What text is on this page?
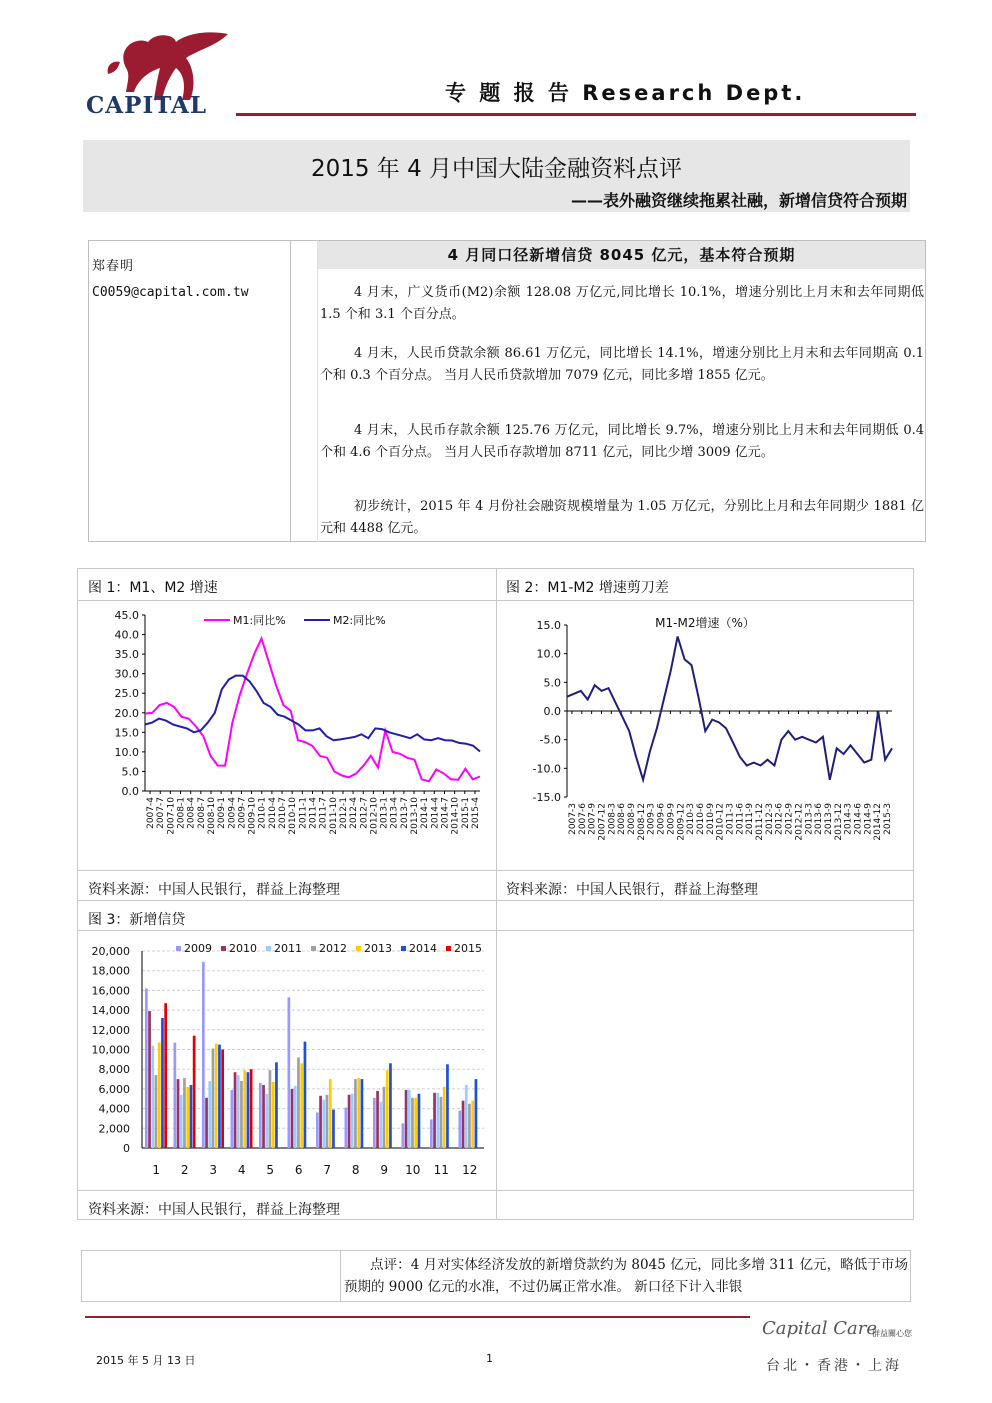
CAPITAL	专 题 报 告 Research Dept.
2015 年 4 月中国大陆金融资料点评
——表外融资继续拖累社融，新增信贷符合预期
郑春明
C0059@capital.com.tw
4 月同口径新增信贷 8045 亿元，基本符合预期
4 月末，广义货币(M2)余额 128.08 万亿元,同比增长 10.1%，增速分别比上月末和去年同期低 1.5 个和 3.1 个百分点。
4 月末，人民币贷款余额 86.61 万亿元，同比增长 14.1%，增速分别比上月末和去年同期高 0.1 个和 0.3 个百分点。 当月人民币贷款增加 7079 亿元，同比多增 1855 亿元。
4 月末，人民币存款余额 125.76 万亿元，同比增长 9.7%，增速分别比上月末和去年同期低 0.4 个和 4.6 个百分点。 当月人民币存款增加 8711 亿元，同比少增 3009 亿元。
初步统计，2015 年 4 月份社会融资规模增量为 1.05 万亿元，分别比上月和去年同期少 1881 亿元和 4488 亿元。
图 1：M1、M2 增速	图 2：M1-M2 增速剪刀差
资料来源：中国人民银行，群益上海整理	资料来源：中国人民银行，群益上海整理
图 3：新增信贷
资料来源：中国人民银行，群益上海整理
0.0
5.0
10.0
15.0
20.0
25.0
30.0
35.0
40.0
45.0
2007-4 2007-7 2007-10 2008-1 2008-4 2008-7 2008-10 2009-1 2009-4 2009-7 2009-10 2010-1 2010-4 2010-7 2010-10 2011-1 2011-4 2011-7 2011-10 2012-1 2012-4 2012-7 2012-10 2013-1 2013-4 2013-7 2013-10 2014-1 2014-4 2014-7 2014-10 2015-1 2015-4
M1:同比%	M2:同比%	15.0
10.0
5.0
0.0
-5.0
-10.0
-15.0
2007-3 2007-6 2007-9 2007-12 2008-3 2008-6 2008-9 2008-12 2009-3 2009-6 2009-9 2009-12 2010-3 2010-6 2010-9 2010-12 2011-3 2011-6 2011-9 2011-12 2012-3 2012-6 2012-9 2012-12 2013-3 2013-6 2013-9 2013-12 2014-3 2014-6 2014-9 2014-12 2015-3
M1-M2增速（%）
0
2,000
4,000
6,000
8,000
10,000
12,000
14,000
16,000
18,000
20,000
1 2 3 4 5 6 7 8 9 10 11 12
2009 2010 2011 2012 2013 2014 2015
点评：4 月对实体经济发放的新增贷款约为 8045 亿元，同比多增 311 亿元，略低于市场预期的 9000 亿元的水准，不过仍属正常水准。 新口径下计入非银
2015 年 5 月 13 日	1
Capital Care
群益關心您
台北・香港・上海
